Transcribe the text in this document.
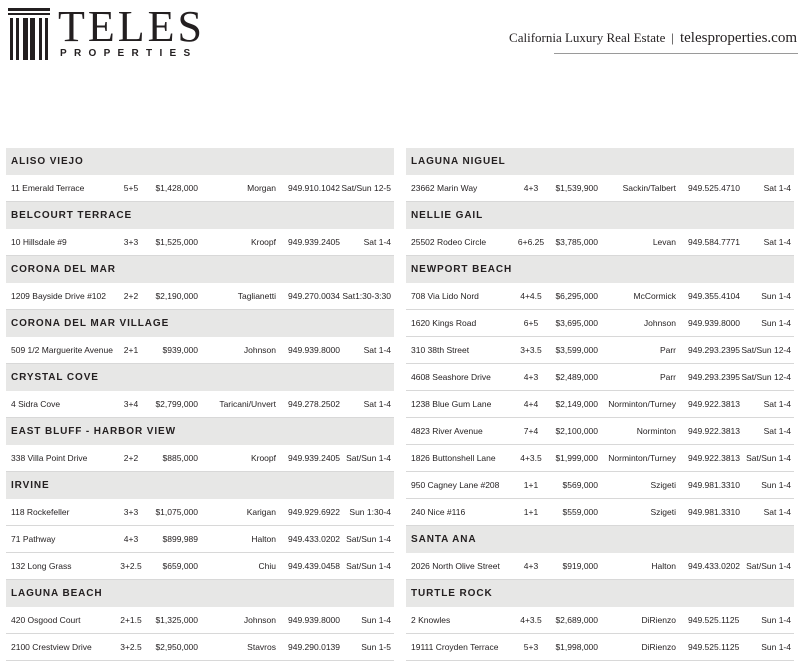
TELES
PROPERTIES
California Luxury Real Estate | telesproperties.com
ALISO VIEJO
11 Emerald Terrace	5+5	$1,428,000	Morgan 949.910.1042 Sat/Sun 12-5
BELCOURT TERRACE
10 Hillsdale #9	3+3	$1,525,000	Kroopf 949.939.2405	Sat 1-4
CORONA DEL MAR
1209 Bayside Drive #102	2+2	$2,190,000	Taglianetti 949.270.0034 Sat1:30-3:30
CORONA DEL MAR VILLAGE
509 1/2 Marguerite Avenue	2+1	$939,000	Johnson 949.939.8000	Sat 1-4
CRYSTAL COVE
4 Sidra Cove	3+4	$2,799,000	Taricani/Unvert 949.278.2502	Sat 1-4
EAST BLUFF - HARBOR VIEW
338 Villa Point Drive	2+2	$885,000	Kroopf 949.939.2405 Sat/Sun 1-4
IRVINE
118 Rockefeller	3+3	$1,075,000	Karigan 949.929.6922	Sun 1:30-4
71 Pathway	4+3	$899,989	Halton 949.433.0202 Sat/Sun 1-4
132 Long Grass	3+2.5	$659,000	Chiu 949.439.0458 Sat/Sun 1-4
LAGUNA BEACH
420 Osgood Court	2+1.5	$1,325,000	Johnson 949.939.8000	Sun 1-4
2100 Crestview Drive	3+2.5	$2,950,000	Stavros 949.290.0139	Sun 1-5
LAGUNA NIGUEL
23662 Marin Way	4+3	$1,539,900	Sackin/Talbert 949.525.4710	Sat 1-4
NELLIE GAIL
25502 Rodeo Circle	6+6.25	$3,785,000	Levan 949.584.7771	Sat 1-4
NEWPORT BEACH
708 Via Lido Nord	4+4.5	$6,295,000	McCormick 949.355.4104	Sun 1-4
1620 Kings Road	6+5	$3,695,000	Johnson 949.939.8000	Sun 1-4
310 38th Street	3+3.5	$3,599,000	Parr 949.293.2395 Sat/Sun 12-4
4608 Seashore Drive	4+3	$2,489,000	Parr 949.293.2395 Sat/Sun 12-4
1238 Blue Gum Lane	4+4	$2,149,000	Norminton/Turney 949.922.3813	Sat 1-4
4823 River Avenue	7+4	$2,100,000	Norminton 949.922.3813	Sat 1-4
1826 Buttonshell Lane	4+3.5	$1,999,000	Norminton/Turney 949.922.3813 Sat/Sun 1-4
950 Cagney Lane #208	1+1	$569,000	Szigeti 949.981.3310	Sun 1-4
240 Nice #116	1+1	$559,000	Szigeti 949.981.3310	Sat 1-4
SANTA ANA
2026 North Olive Street	4+3	$919,000	Halton 949.433.0202 Sat/Sun 1-4
TURTLE ROCK
2 Knowles	4+3.5	$2,689,000	DiRienzo 949.525.1125	Sun 1-4
19111 Croyden Terrace	5+3	$1,998,000	DiRienzo 949.525.1125	Sun 1-4
